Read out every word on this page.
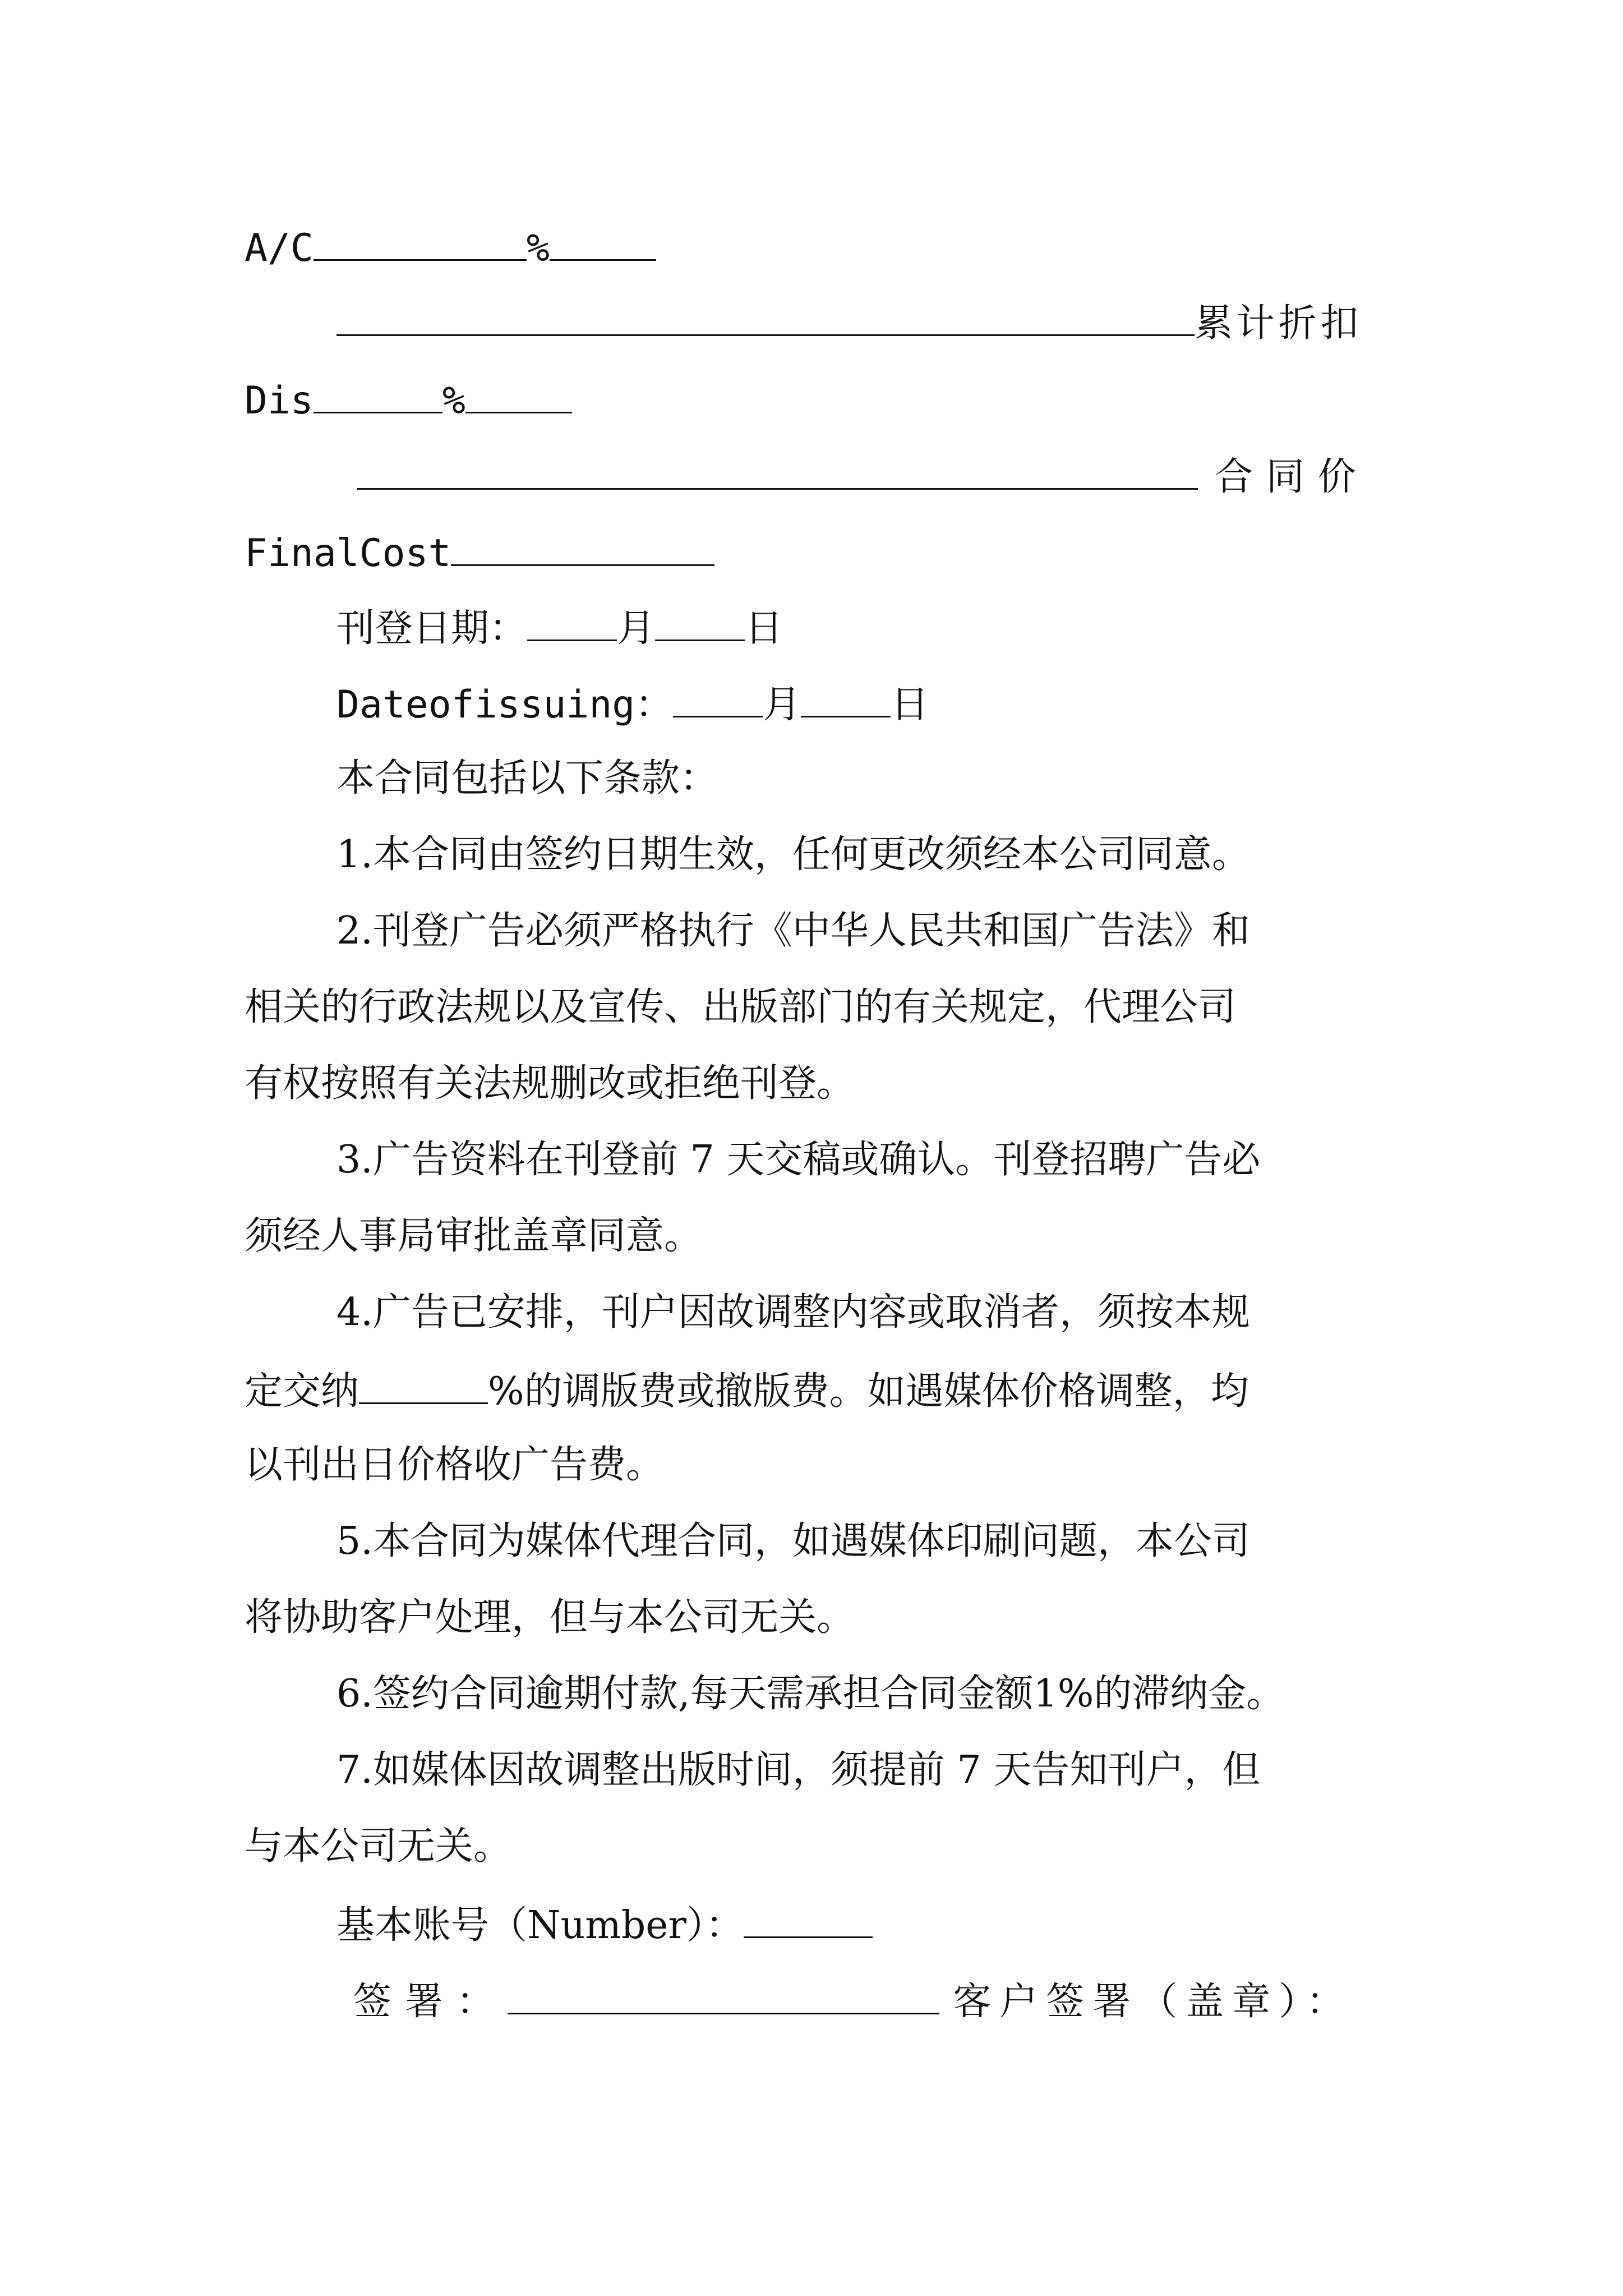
A/C	%
累计折扣
Dis	%
合同价
FinalCost
刊登日期： 月 日
Dateofissuing： 月 日
本合同包括以下条款：
1.本合同由签约日期生效，任何更改须经本公司同意。
2.刊登广告必须严格执行《中华人民共和国广告法》和
相关的行政法规以及宣传、出版部门的有关规定，代理公司
有权按照有关法规删改或拒绝刊登。
3.广告资料在刊登前 7 天交稿或确认。刊登招聘广告必
须经人事局审批盖章同意。
4.广告已安排，刊户因故调整内容或取消者，须按本规
定交纳	%的调版费或撤版费。如遇媒体价格调整，均
以刊出日价格收广告费。
5.本合同为媒体代理合同，如遇媒体印刷问题，本公司
将协助客户处理，但与本公司无关。
6.签约合同逾期付款,每天需承担合同金额1%的滞纳金。
7.如媒体因故调整出版时间，须提前 7 天告知刊户，但
与本公司无关。
基本账号（Number）：
签署：	客户签署（盖章）：
